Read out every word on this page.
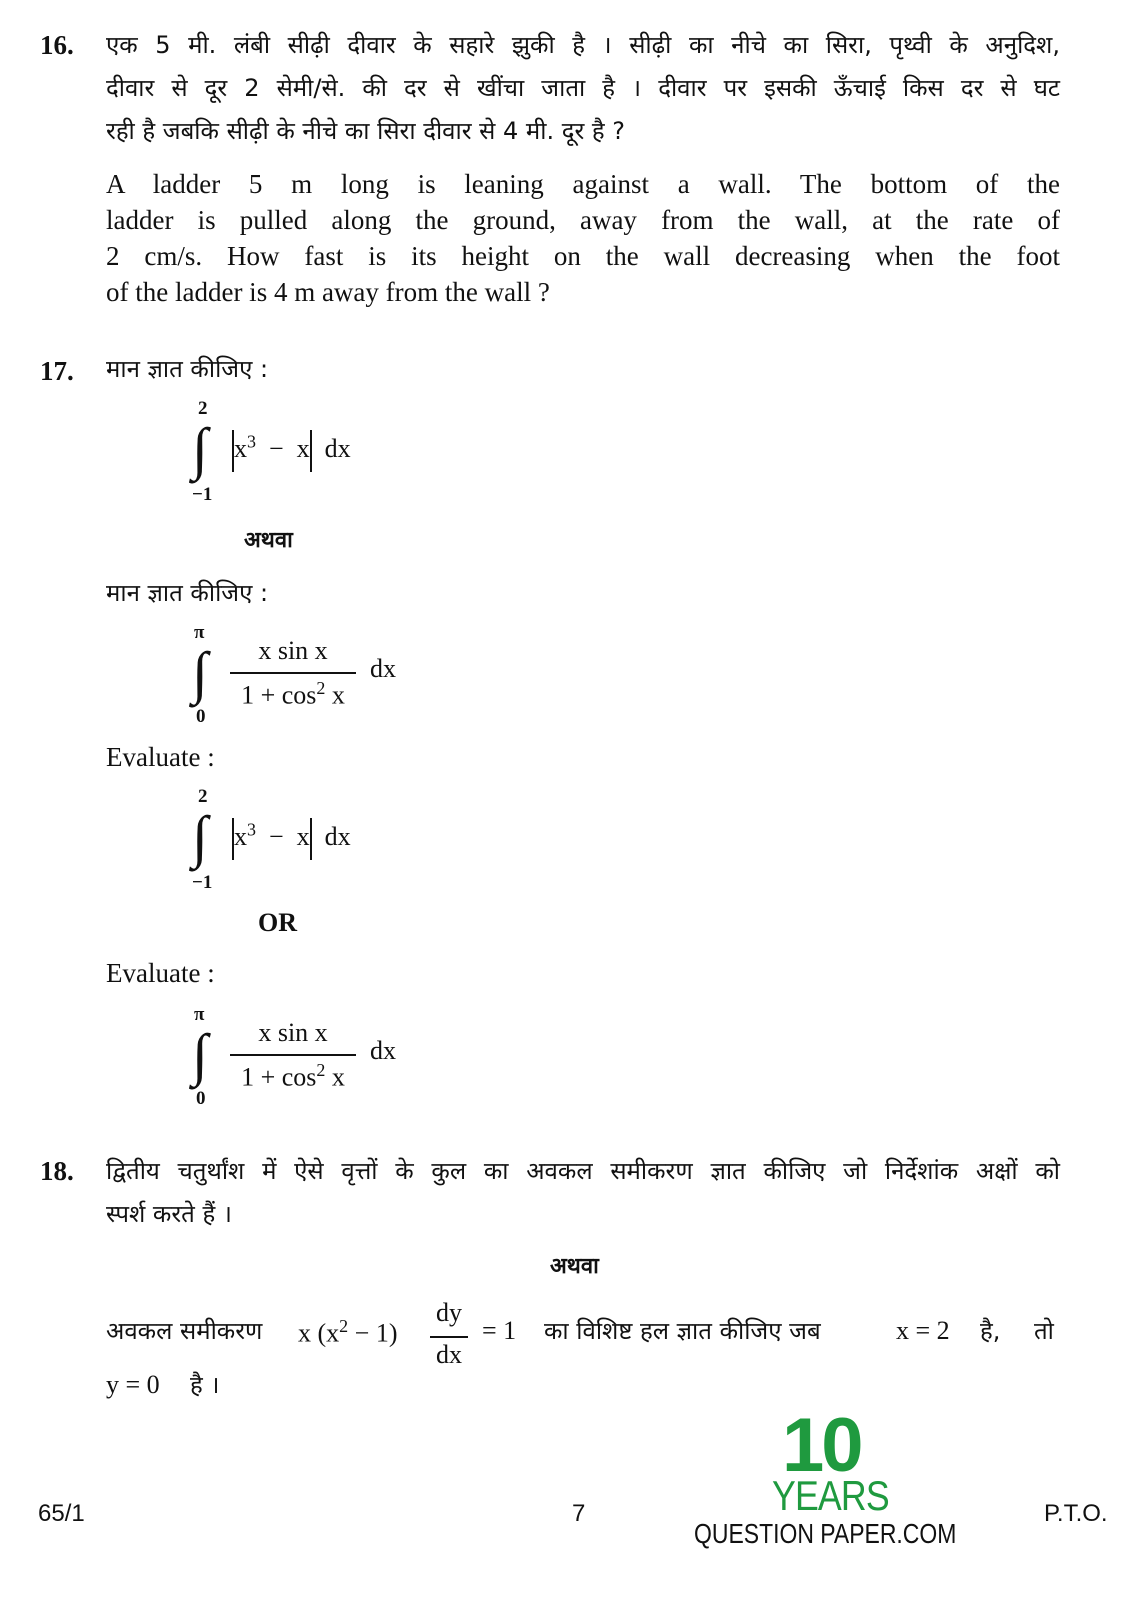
16. एक 5 मी. लंबी सीढ़ी दीवार के सहारे झुकी है । सीढ़ी का नीचे का सिरा, पृथ्वी के अनुदिश,
दीवार से दूर 2 सेमी/से. की दर से खींचा जाता है । दीवार पर इसकी ऊँचाई किस दर से घट
रही है जबकि सीढ़ी के नीचे का सिरा दीवार से 4 मी. दूर है ?
A ladder 5 m long is leaning against a wall. The bottom of the
ladder is pulled along the ground, away from the wall, at the rate of
2 cm/s. How fast is its height on the wall decreasing when the foot
of the ladder is 4 m away from the wall ?
17. मान ज्ञात कीजिए :
2
∫
−1
$x^3 - x$ dx
अथवा
मान ज्ञात कीजिए :
π
∫
0
x sin x
$1 + \cos^2 x$
dx
Evaluate :
2
∫
−1
$x^3 - x$ dx
OR
Evaluate :
π
∫
0
x sin x
$1 + \cos^2 x$
dx
18. द्वितीय चतुर्थांश में ऐसे वृत्तों के कुल का अवकल समीकरण ज्ञात कीजिए जो निर्देशांक अक्षों को
स्पर्श करते हैं ।
अथवा
अवकल समीकरण x $(x^2 - 1)$
dy
dx
= 1 का विशिष्ट हल ज्ञात कीजिए जब	x = 2 है, तो
y = 0 है ।
10
YEARS
QUESTION PAPER.COM
65/1	7	P.T.O.
